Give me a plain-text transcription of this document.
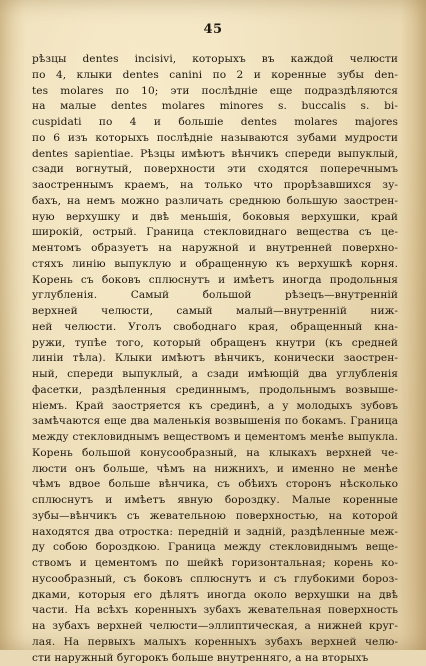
45
рѣзцы dentes incisivi, которыхъ въ каждой челюсти
по 4, клыки dentes canini по 2 и коренные зубы den-
tes molares по 10; эти послѣдніе еще подраздѣляются
на малые dentes molares minores s. buccalis s. bi-
cuspidati по 4 и большіе dentes molares majores
по 6 изъ которыхъ послѣдніе называются зубами мудрости
dentes sapientiae. Рѣзцы имѣютъ вѣнчикъ спереди выпуклый,
сзади вогнутый, поверхности эти сходятся поперечнымъ
заостреннымъ краемъ, на только что прорѣзавшихся зу-
бахъ, на немъ можно различать среднюю большую заострен-
ную верхушку и двѣ меньшія, боковыя верхушки, край
широкій, острый. Граница стекловиднаго вещества съ це-
ментомъ образуетъ на наружной и внутренней поверхно-
стяхъ линію выпуклую и обращенную къ верхушкѣ корня.
Корень съ боковъ сплюснутъ и имѣетъ иногда продольныя
углубленія. Самый большой рѣзецъ—внутренній
верхней челюсти, самый малый—внутренній ниж-
ней челюсти. Уголъ свободнаго края, обращенный кна-
ружи, тупѣе того, который обращенъ кнутри (къ средней
линіи тѣла). Клыки имѣютъ вѣнчикъ, конически заострен-
ный, спереди выпуклый, а сзади имѣющій два углубленія
фасетки, раздѣленныя срединнымъ, продольнымъ возвыше-
ніемъ. Край заостряется къ срединѣ, а у молодыхъ зубовъ
замѣчаются еще два маленькія возвышенія по бокамъ. Граница
между стекловиднымъ веществомъ и цементомъ менѣе выпукла.
Корень большой конусообразный, на клыкахъ верхней че-
люсти онъ больше, чѣмъ на нижнихъ, и именно не менѣе
чѣмъ вдвое больше вѣнчика, съ обѣихъ сторонъ нѣсколько
сплюснутъ и имѣетъ явную бороздку. Малые коренные
зубы—вѣнчикъ съ жевательною поверхностью, на которой
находятся два отростка: передній и задній, раздѣленные меж-
ду собою бороздкою. Граница между стекловиднымъ веще-
ствомъ и цементомъ по шейкѣ горизонтальная; корень ко-
нусообразный, съ боковъ сплюснутъ и съ глубокими бороз-
дками, которыя его дѣлятъ иногда около верхушки на двѣ
части. На всѣхъ коренныхъ зубахъ жевательная поверхность
на зубахъ верхней челюсти—эллиптическая, а нижней круг-
лая. На первыхъ малыхъ коренныхъ зубахъ верхней челю-
сти наружный бугорокъ больше внутренняго, а на вторыхъ
